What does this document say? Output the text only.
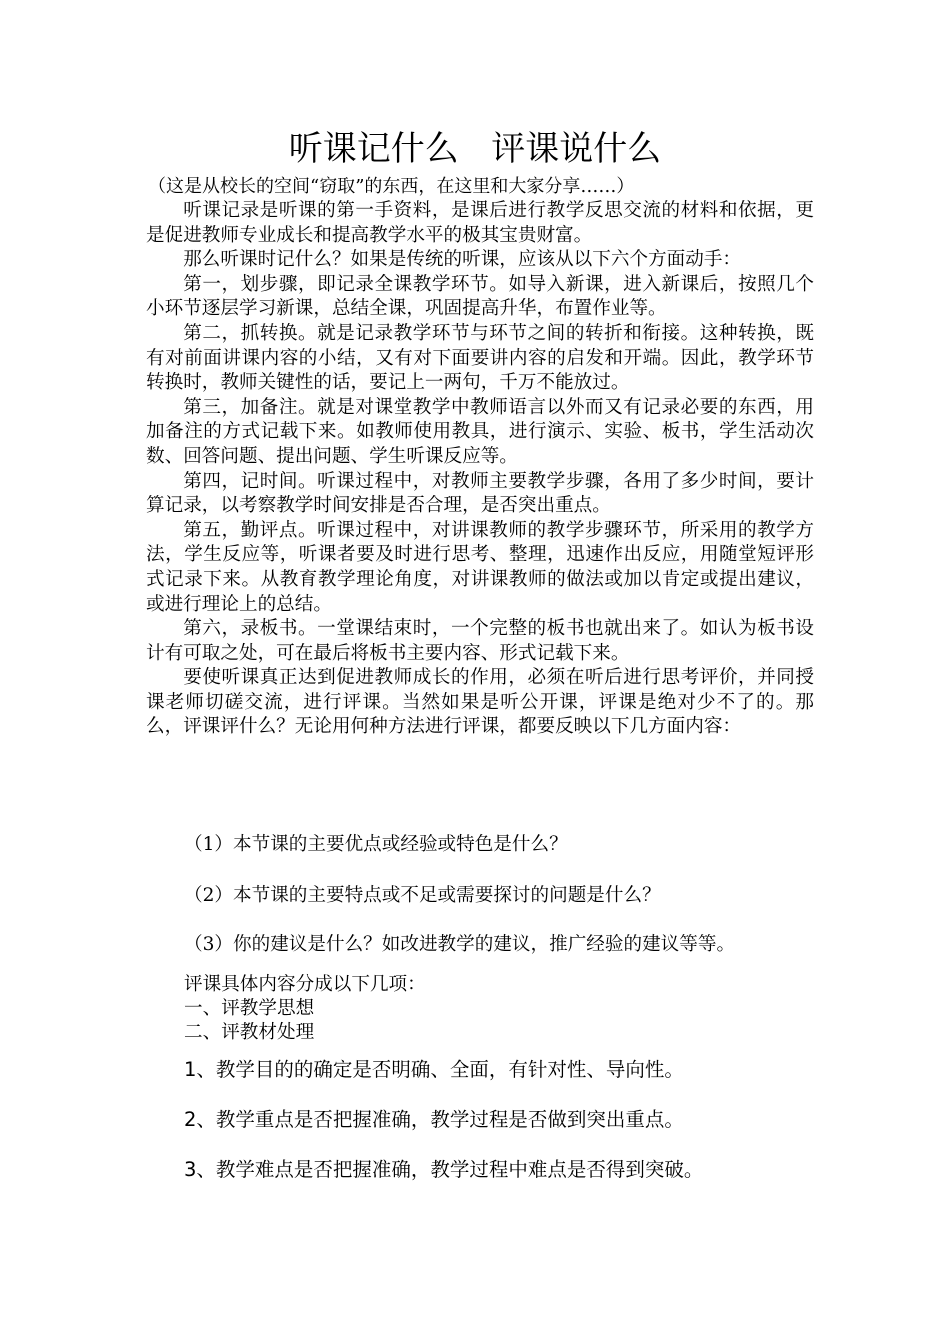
听课记什么   评课说什么
（这是从校长的空间“窃取”的东西，在这里和大家分享……）

听课记录是听课的第一手资料，是课后进行教学反思交流的材料和依据，更是促进教师专业成长和提高教学水平的极其宝贵财富。

那么听课时记什么？如果是传统的听课，应该从以下六个方面动手：

第一，划步骤，即记录全课教学环节。如导入新课，进入新课后，按照几个小环节逐层学习新课，总结全课，巩固提高升华，布置作业等。

第二，抓转换。就是记录教学环节与环节之间的转折和衔接。这种转换，既有对前面讲课内容的小结，又有对下面要讲内容的启发和开端。因此，教学环节转换时，教师关键性的话，要记上一两句，千万不能放过。

第三，加备注。就是对课堂教学中教师语言以外而又有记录必要的东西，用加备注的方式记载下来。如教师使用教具，进行演示、实验、板书，学生活动次数、回答问题、提出问题、学生听课反应等。

第四，记时间。听课过程中，对教师主要教学步骤，各用了多少时间，要计算记录，以考察教学时间安排是否合理，是否突出重点。

第五，勤评点。听课过程中，对讲课教师的教学步骤环节，所采用的教学方法，学生反应等，听课者要及时进行思考、整理，迅速作出反应，用随堂短评形式记录下来。从教育教学理论角度，对讲课教师的做法或加以肯定或提出建议，或进行理论上的总结。

第六，录板书。一堂课结束时，一个完整的板书也就出来了。如认为板书设计有可取之处，可在最后将板书主要内容、形式记载下来。

要使听课真正达到促进教师成长的作用，必须在听后进行思考评价，并同授课老师切磋交流，进行评课。当然如果是听公开课，评课是绝对少不了的。那么，评课评什么？无论用何种方法进行评课，都要反映以下几方面内容：

（1）本节课的主要优点或经验或特色是什么？
（2）本节课的主要特点或不足或需要探讨的问题是什么？
（3）你的建议是什么？如改进教学的建议，推广经验的建议等等。
评课具体内容分成以下几项：
一、评教学思想
二、评教材处理
1、教学目的的确定是否明确、全面，有针对性、导向性。
2、教学重点是否把握准确，教学过程是否做到突出重点。
3、教学难点是否把握准确，教学过程中难点是否得到突破。
